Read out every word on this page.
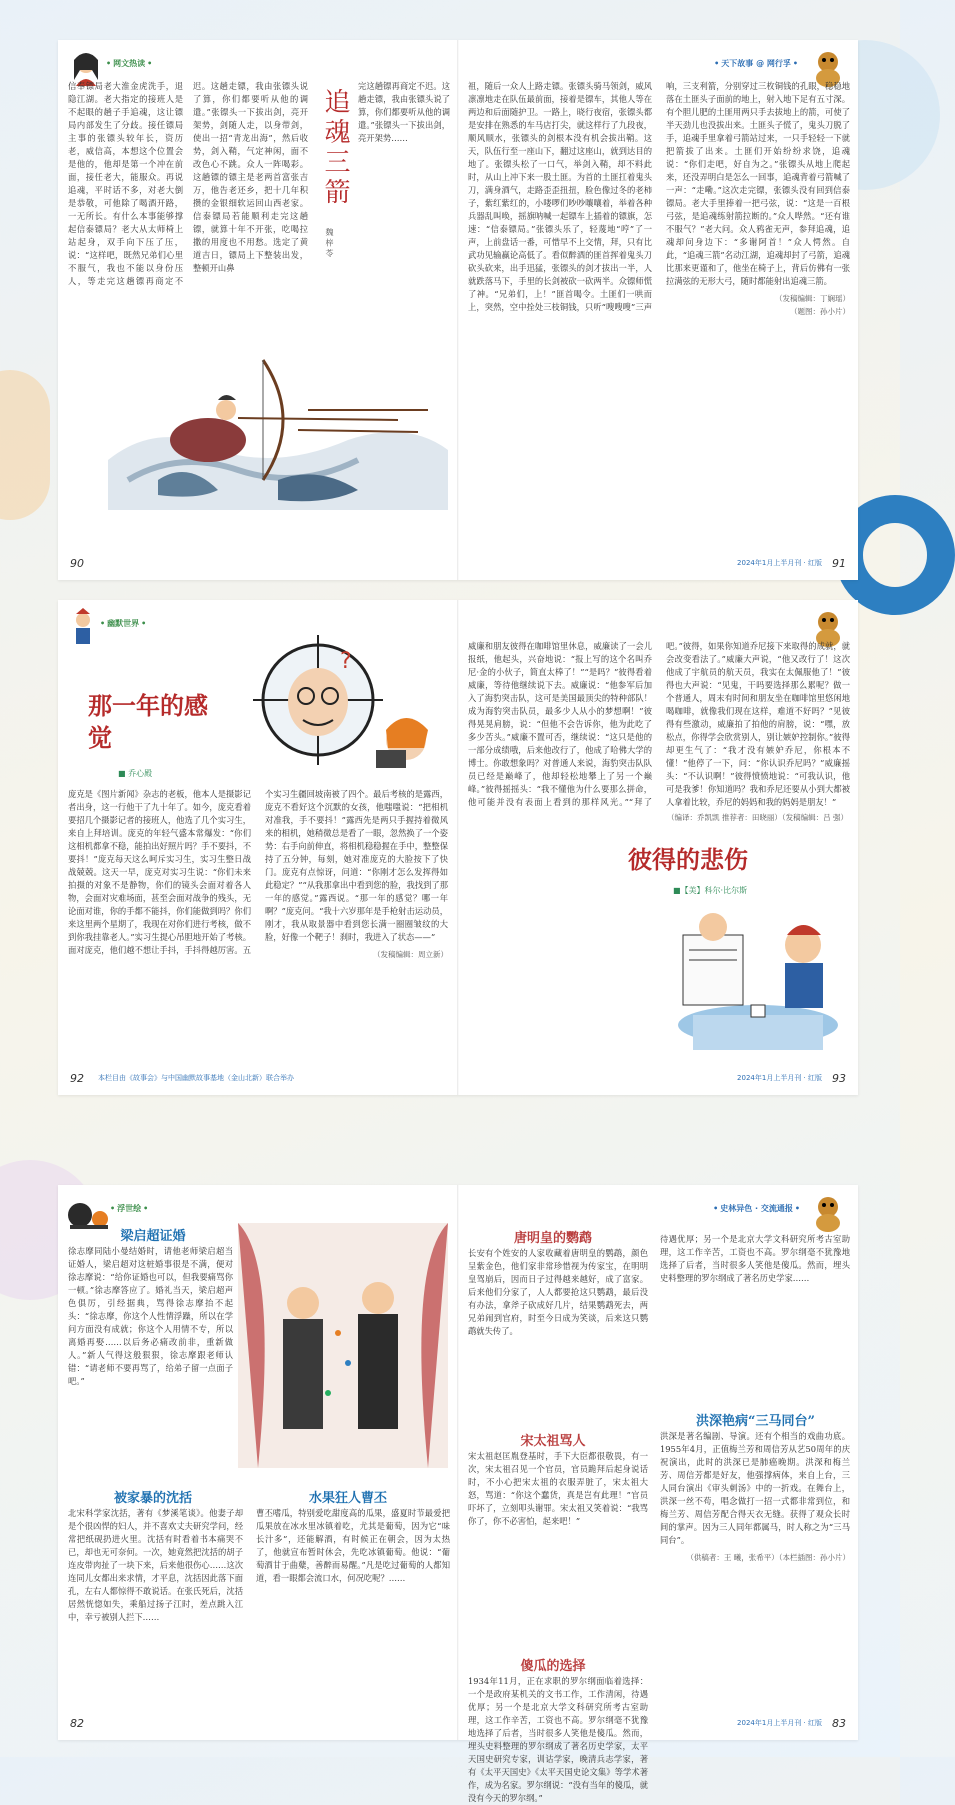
• 网文热读 •
信奉镖局老大淮金虎洗手，退隐江湖。老大指定的接班人是不起眼的趟子手追魂，这让镖局内部发生了分歧。接任镖局主事的张镖头较年长，资历老，威信高，本想这个位置会是他的，他却是第一个冲在前面，接任老大，能服众。再说追魂，平时话不多，对老大倒是恭敬，可他除了喝酒开路，一无所长。有什么本事能够撑起信泰镖局？老大从太师椅上站起身，双手向下压了压，说：“这样吧，既然兄弟们心里不服气，我也不能以身份压人，等走完这趟镖再商定不迟。这趟走镖，我由张镖头说了算，你们都要听从他的调遣。”张镖头一下拔出剑，亮开架势，剑随人走，以身带剑，使出一招“青龙出海”，然后收势，剑入鞘，气定神闲，面不改色心不跳。众人一阵喝彩。这趟镖的镖主是老两首富张吉万，他告老还乡，把十几年积攒的金银细软运回山西老家。信泰镖局若能顺利走完这趟镖，就算十年不开张，吃喝拉撒的用度也不用愁。选定了黄道吉日，镖局上下整装出发，整顿开山鼻
追魂三箭
魏 梓 苓
完这趟镖再商定不迟。这趟走镖，我由张镖头说了算，你们都要听从他的调遣。”张镖头一下拔出剑，亮开架势……
90
• 天下故事 @ 网行孚 •
祖，随后一众人上路走镖。张镖头骑马领剑，威风凛凛地走在队伍最前面，接着是镖车，其他人等在两边和后面随护卫。一路上，晓行夜宿，张镖头都是安排在熟悉的车马店打尖，就这样行了九段夜，顺风顺水，张镖头的剑根本没有机会拔出鞘。这天，队伍行至一座山下，翻过这座山，就到达目的地了。张镖头松了一口气，举剑入鞘，却不料此时，从山上冲下来一股土匪。为首的土匪扛着鬼头刀，满身酒气，走路歪歪扭扭，脸色像过冬的老柿子，紫红紫红的，小喽啰们吵吵嚷嚷着，举着各种兵器乱叫唤，摇旗呐喊一起镖车上插着的镖旗，怎速：“信泰镖局。”张镖头乐了，轻蔑地“哼”了一声，上前盘话一番，可惜早不上交情，拜，只有比武功见输赢论高低了。看似醉酒的匪首挥着鬼头刀砍头砍来，出手迅猛，张镖头的剑才拔出一半，人就跌落马下，手里的长剑被砍一砍两半。众镖师慌了神。“兄弟们，上！”匪首喝令。土匪们一哄而上，突然，空中拴处三枝铜钱，只听“嗖嗖嗖”三声响，三支利箭，分别穿过三枚铜钱的孔眼，稳稳地落在土匪头子面前的地上，射入地下足有五寸深。有个胆儿肥的土匪用两只手去拔地上的箭，可使了半天劲儿也没拔出来。土匪头子慌了，鬼头刀脱了手，追魂手里拿着弓箭站过来，一只手轻轻一下就把箭拔了出来。土匪们开始纷纷求饶，追魂说：“你们走吧，好自为之。”张镖头从地上爬起来，还没弄明白是怎么一回事，追魂背着弓箭喊了一声：“走嘞。”这次走完镖，张镖头没有回到信泰镖局。老大手里捧着一把弓弦，说：“这是一百根弓弦，是追魂练射箭拉断的。”众人哗然。“还有谁不服气？”老大问。众人鸦雀无声，参拜追魂，追魂却问身边下：“多谢阿首！”众人愕然。自此，“追魂三箭”名动江湖，追魂却封了弓箭，追魂比那来更谨和了，他坐在椅子上，背后仿佛有一张拉满弦的无形大弓，随时都能射出追魂三箭。
（发稿编辑：丁娴瑶）
（题图：孙小片）
2024年1月上半月刊 · 红版 91
• 幽默世界 •
那一年的感觉
■ 乔心殿
?
庞克是《图片新闻》杂志的老板，他本人是摄影记者出身，这一行他干了九十年了。如今，庞克看着要招几个摄影记者的接班人，他选了几个实习生，来自上拜培训。庞克的年轻气盛本常爆发：“你们这相机都拿不稳，能拍出好照片吗？手不要抖，不要抖！”庞克每天这么呵斥实习生，实习生整日战战兢兢。这天一早，庞克对实习生说：“你们未来拍摄的对象不是静物，你们的镜头会面对着各人物，会面对灾难场面，甚至会面对战争的残头，无论面对谁，你的手都不能抖，你们能做到吗？你们来这里两个星期了，我现在对你们进行考核，做不到你我挂靠老人。”实习生提心吊胆地开始了考核。面对庞克，他们越不想让手抖，手抖得越厉害。五个实习生疆回坡南被了四个。最后考核的是露西，庞克不看好这个沉默的女孩，他嗤嗤说：“把相机对准我，手不要抖！”露西先是两只手握持着微风来的相机，她稍微总是看了一眼，忽然换了一个姿势：右手向前伸直，将相机稳稳握在手中，整整保持了五分钟，每刻，她对准庞克的大脸按下了快门。庞克有点惊讶，问道：“你刚才怎么发挥得如此稳定？”“从我那拿出中看到您的脸，我找到了那一年的感觉。”露西说。“那一年的感觉？哪一年啊？”庞克问。“我十六岁那年是手枪射击运动员，刚才，我从取景器中看到您长满一圈圈皱纹的大脸，好像一个靶子！刹时，我进入了状态——”
（发稿编辑：周立新）
92 本栏目由《故事会》与中国幽默故事基地（金山北新）联合举办
威廉和朋友彼得在咖啡馆里休息，威廉读了一会儿报纸，他起头，兴奋地说：“报上写的这个名叫乔尼·金的小伙子，简直太棒了！”“是吗？”彼得看着威廉，等待他继续说下去。威廉说：“他参军后加入了海豹突击队，这可是美国最顶尖的特种部队！成为海豹突击队员，最多少人从小的梦想啊！”彼得晃晃肩膀，说：“但他不会告诉你，他为此吃了多少苦头。”威廉不置可否，继续说：“这只是他的一部分成绩哦，后来他改行了，他成了哈佛大学的博士。你敢想象吗？对普通人来说，海豹突击队队员已经是巅峰了，他却轻松地攀上了另一个巅峰。”彼得摇摇头：“我不懂他为什么要那么拼命，他可能并没有表面上看到的那样风光。”“拜了吧。”彼得，如果你知道乔尼接下来取得的成就，就会改变看法了。”威廉大声说，“他又改行了！这次他成了宇航员的航天员，我实在太佩服他了！”彼得也大声说：“见鬼，干吗要选择那么累呢？做一个普通人，周末有时间和朋友坐在咖啡馆里悠闲地喝咖啡，就像我们现在这样，难道不好吗？”见彼得有些激动，威廉拍了拍他的肩膀，说：“嘿，放松点，你得学会欣赏别人，别让嫉妒控制你。”彼得却更生气了：“我才没有嫉妒乔尼，你根本不懂！”他停了一下，问：“你认识乔尼吗？”威廉摇头：“不认识啊！”彼得愤愤地说：“可我认识，他可是我爹！你知道吗？我和乔尼还要从小到大都被人拿着比较，乔尼的妈妈和我的妈妈是朋友！”
（编译：乔凯凯 推荐者：田晓丽）（发稿编辑：吕 强）
彼得的悲伤
■【美】科尔·比尔斯
2024年1月上半月刊 · 红版 93
• 浮世绘 •
梁启超证婚
徐志摩同陆小曼结婚时，请他老师梁启超当证婚人，梁启超对这桩婚事很是不满，便对徐志摩说：“给你证婚也可以，但我要痛骂你一顿。”徐志摩答应了。婚礼当天，梁启超声色俱厉，引经据典，骂得徐志摩抬不起头：“徐志摩，你这个人性情浮躁，所以在学问方面没有成就；你这个人用情不专，所以离婚再娶……以后务必痛改前非，重新做人。”新人气得这般狠狠，徐志摩跟老师认错：“请老师不要再骂了，给弟子留一点面子吧。”
被家暴的沈括
北宋科学家沈括，著有《梦溪笔谈》。他妻子却是个很凶悍的妇人，并不喜欢丈夫研究学问，经常把纸砚扔进火里。沈括有时看着书本痛哭不已，却也无可奈何。一次，她竟然把沈括的胡子连皮带肉扯了一块下来，后来他很伤心……这次连同儿女都出来求情，才平息，沈括因此落下面孔，左右人都惊得不敢说话。在张氏死后，沈括居然恍惚如失，乘船过扬子江时，差点跳入江中，幸亏被别人拦下……
水果狂人曹丕
曹丕嗜瓜，特别爱吃甜度高的瓜果，盛夏时节最爱把瓜果放在冰水里冰镇着吃，尤其是葡萄，因为它“味长汁多”，还能解酒，有时候正在朝会，因为太热了，他就宣布暂时休会，先吃冰镇葡萄。他说：“葡萄酒甘于曲糵，善醉而易醒。”凡是吃过葡萄的人都知道，看一眼都会流口水，何况吃呢？……
82
• 史林异色 · 交流通报 •
唐明皇的鹦鹉
长安有个姓安的人家收藏着唐明皇的鹦鹉，颜色呈紫金色，他们家非常珍惜视为传家宝，在明明皇驾崩后，因而日子过得越来越好，成了富家。后来他们分家了，人人都要抢这只鹦鹉，最后没有办法，拿斧子砍成好几片，结果鹦鹉死去，两兄弟闹到官府，时至今日成为笑谈，后来这只鹦鹉就失传了。
宋太祖骂人
宋太祖赵匡胤登基时，手下大臣都很敬畏，有一次，宋太祖召见一个官员，官员跪拜后起身说话时，不小心把宋太祖的衣服弄脏了，宋太祖大怒，骂道：“你这个蠢货，真是岂有此理！”官员吓坏了，立刻叩头谢罪。宋太祖又笑着说：“我骂你了，你不必害怕，起来吧！”
傻瓜的选择
1934年11月，正在求职的罗尔纲面临着选择：一个是政府某机关的文书工作，工作清闲，待遇优厚；另一个是北京大学文科研究所考古室助理，这工作辛苦，工资也不高。罗尔纲毫不犹豫地选择了后者，当时很多人笑他是傻瓜。然而，埋头史料整理的罗尔纲成了著名历史学家，太平天国史研究专家，训诂学家，晚清兵志学家，著有《太平天国史》《太平天国史论文集》等学术著作，成为名家。罗尔纲说：“没有当年的傻瓜，就没有今天的罗尔纲。”
待遇优厚；另一个是北京大学文科研究所考古室助理，这工作辛苦，工资也不高。罗尔纲毫不犹豫地选择了后者，当时很多人笑他是傻瓜。然而，埋头史料整理的罗尔纲成了著名历史学家……
洪深艳病“三马同台”
洪深是著名编剧、导演。还有个相当的戏曲功底。1955年4月，正值梅兰芳和周信芳从艺50周年的庆祝演出，此时的洪深已是肺癌晚期。洪深和梅兰芳、周信芳都是好友，他强撑病体，来自上台，三人同台演出《审头刺汤》中的一折戏。在舞台上，洪深一丝不苟，唱念做打一招一式都非常到位，和梅兰芳、周信芳配合得天衣无缝。获得了观众长时间的掌声。因为三人同年都属马，时人称之为“三马同台”。
（供稿者：王 曦，张希平）（本栏插图：孙小片）
2024年1月上半月刊 · 红版 83
